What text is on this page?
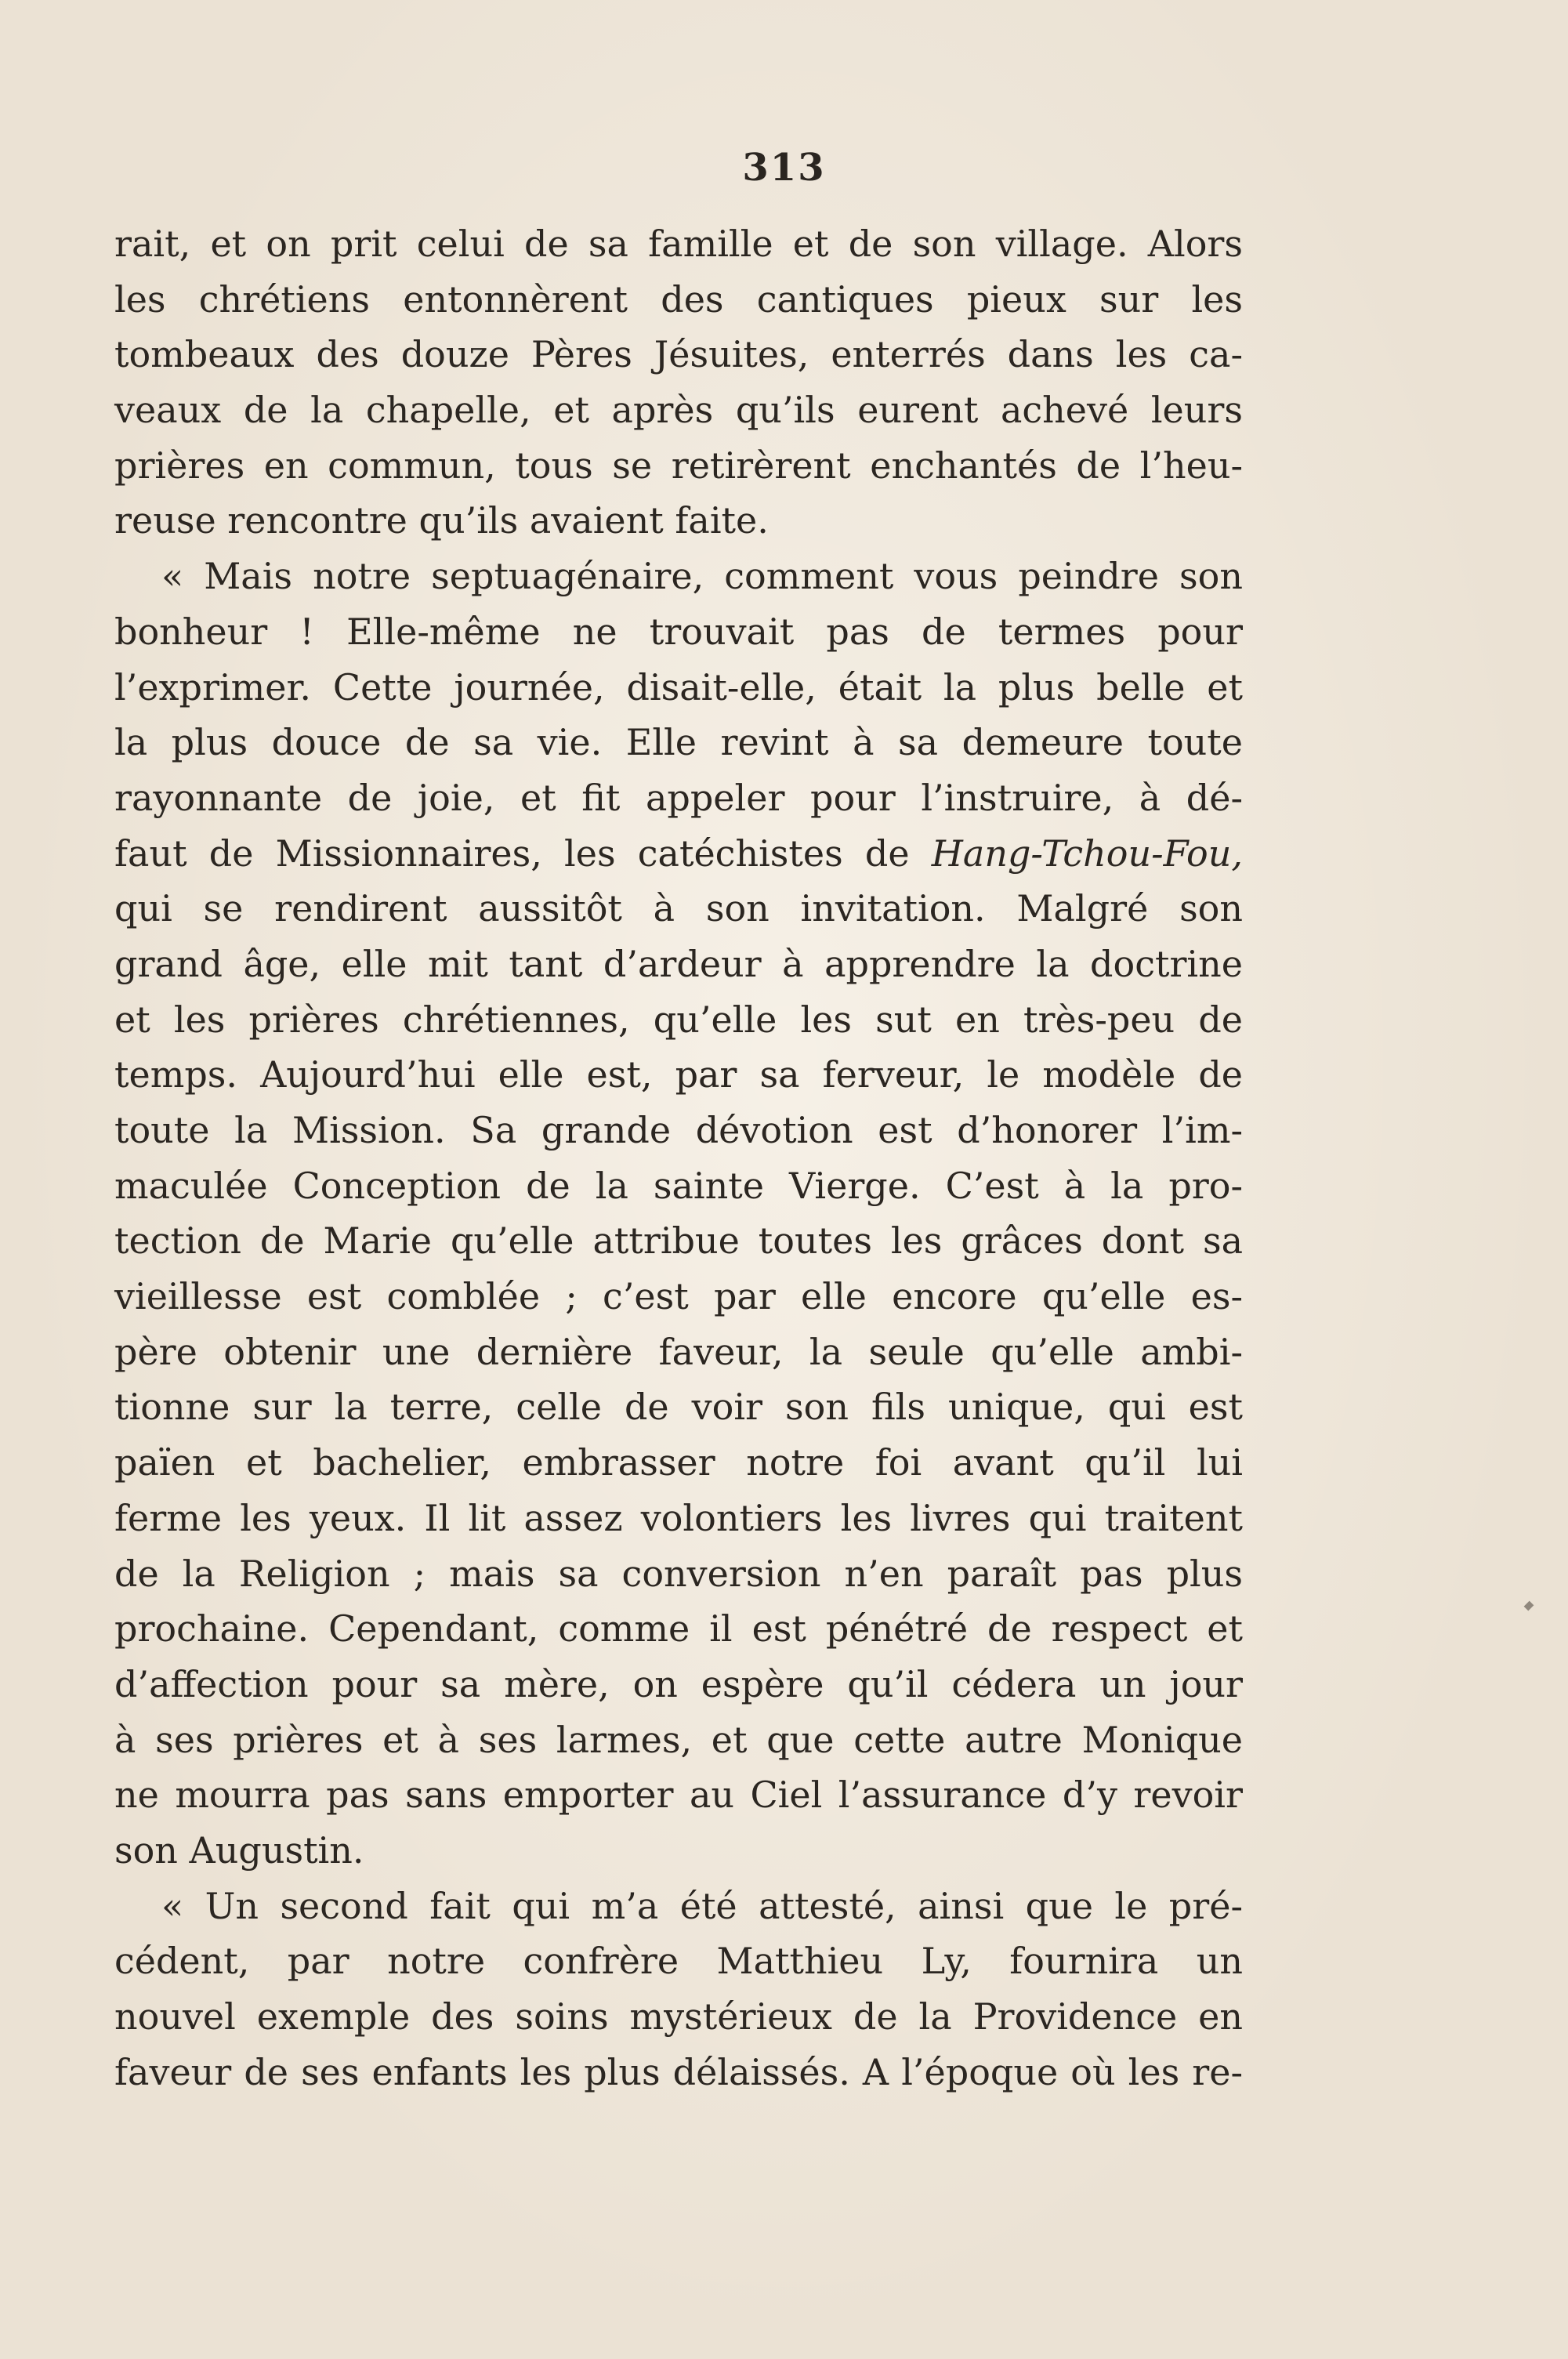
313
rait, et on prit celui de sa famille et de son village. Alors
les chrétiens entonnèrent des cantiques pieux sur les
tombeaux des douze Pères Jésuites, enterrés dans les ca-
veaux de la chapelle, et après qu’ils eurent achevé leurs
prières en commun, tous se retirèrent enchantés de l’heu-
reuse rencontre qu’ils avaient faite.
« Mais notre septuagénaire, comment vous peindre son
bonheur ! Elle-même ne trouvait pas de termes pour
l’exprimer. Cette journée, disait-elle, était la plus belle et
la plus douce de sa vie. Elle revint à sa demeure toute
rayonnante de joie, et fit appeler pour l’instruire, à dé-
faut de Missionnaires, les catéchistes de Hang-Tchou-Fou,
qui se rendirent aussitôt à son invitation. Malgré son
grand âge, elle mit tant d’ardeur à apprendre la doctrine
et les prières chrétiennes, qu’elle les sut en très-peu de
temps. Aujourd’hui elle est, par sa ferveur, le modèle de
toute la Mission. Sa grande dévotion est d’honorer l’im-
maculée Conception de la sainte Vierge. C’est à la pro-
tection de Marie qu’elle attribue toutes les grâces dont sa
vieillesse est comblée ; c’est par elle encore qu’elle es-
père obtenir une dernière faveur, la seule qu’elle ambi-
tionne sur la terre, celle de voir son fils unique, qui est
païen et bachelier, embrasser notre foi avant qu’il lui
ferme les yeux. Il lit assez volontiers les livres qui traitent
de la Religion ; mais sa conversion n’en paraît pas plus
prochaine. Cependant, comme il est pénétré de respect et
d’affection pour sa mère, on espère qu’il cédera un jour
à ses prières et à ses larmes, et que cette autre Monique
ne mourra pas sans emporter au Ciel l’assurance d’y revoir
son Augustin.
« Un second fait qui m’a été attesté, ainsi que le pré-
cédent, par notre confrère Matthieu Ly, fournira un
nouvel exemple des soins mystérieux de la Providence en
faveur de ses enfants les plus délaissés. A l’époque où les re-
